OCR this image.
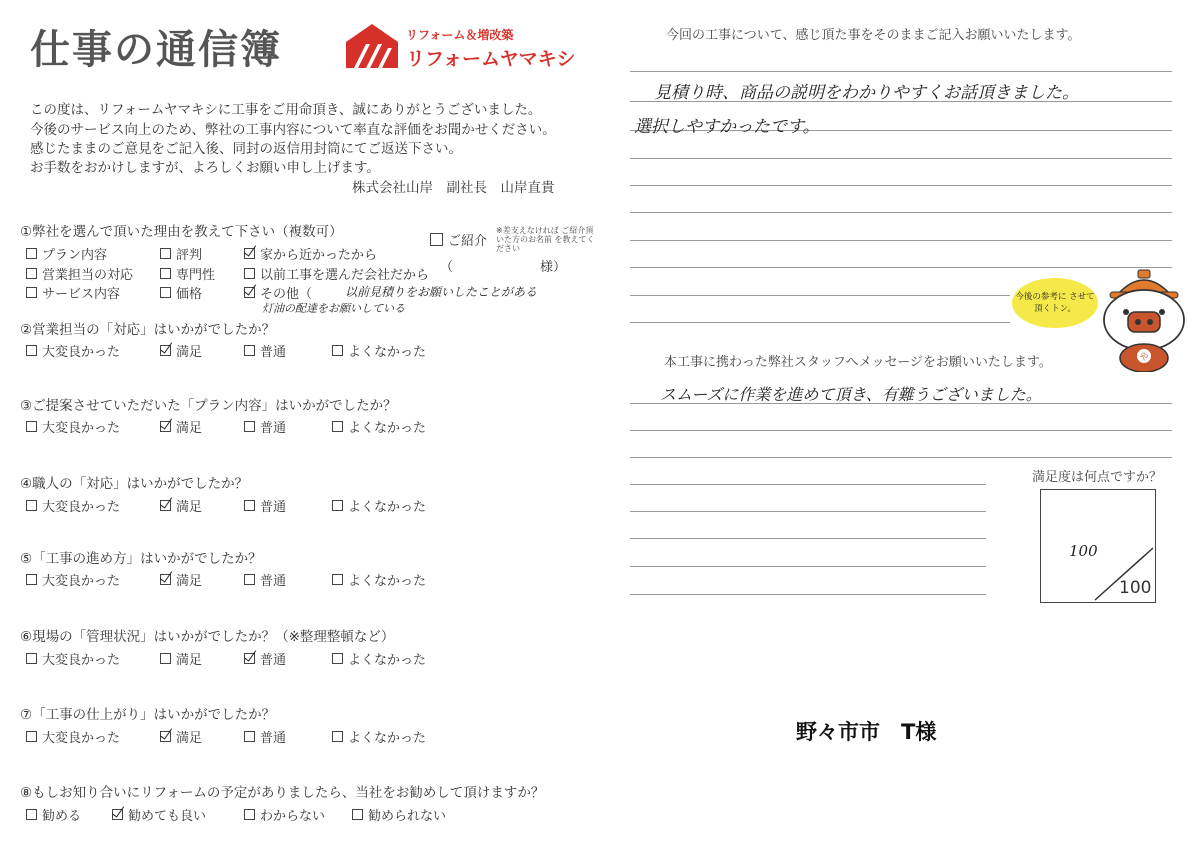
仕事の通信簿	リフォーム＆増改築
リフォームヤマキシ
この度は、リフォームヤマキシに工事をご用命頂き、誠にありがとうございました。
今後のサービス向上のため、弊社の工事内容について率直な評価をお聞かせください。
感じたままのご意見をご記入後、同封の返信用封筒にてご返送下さい。
お手数をおかけしますが、よろしくお願い申し上げます。
株式会社山岸　副社長　山岸直貴
①弊社を選んで頂いた理由を教えて下さい（複数可）
プラン内容	評判	家から近かったから
営業担当の対応	専門性	以前工事を選んだ会社だから
サービス内容	価格	その他（	以前見積りをお願いしたことがある
灯油の配達をお願いしている
ご紹介
※差支えなければ ご紹介頂いた方のお名前 を教えてください
（	様）
②営業担当の「対応」はいかがでしたか？
大変良かった	満足	普通	よくなかった
③ご提案させていただいた「プラン内容」はいかがでしたか？
大変良かった	満足	普通	よくなかった
④職人の「対応」はいかがでしたか？
大変良かった	満足	普通	よくなかった
⑤「工事の進め方」はいかがでしたか？
大変良かった	満足	普通	よくなかった
⑥現場の「管理状況」はいかがでしたか？（※整理整頓など）
大変良かった	満足	普通	よくなかった
⑦「工事の仕上がり」はいかがでしたか？
大変良かった	満足	普通	よくなかった
⑧もしお知り合いにリフォームの予定がありましたら、当社をお勧めして頂けますか？
勧める	勧めても良い	わからない	勧められない
今回の工事について、感じ頂た事をそのままご記入お願いいたします。
見積り時、商品の説明をわかりやすくお話頂きました。
選択しやすかったです。
今後の参考に させて頂くトン。
や
本工事に携わった弊社スタッフへメッセージをお願いいたします。
スムーズに作業を進めて頂き、有難うございました。
満足度は何点ですか？
100
100
野々市市　T様
